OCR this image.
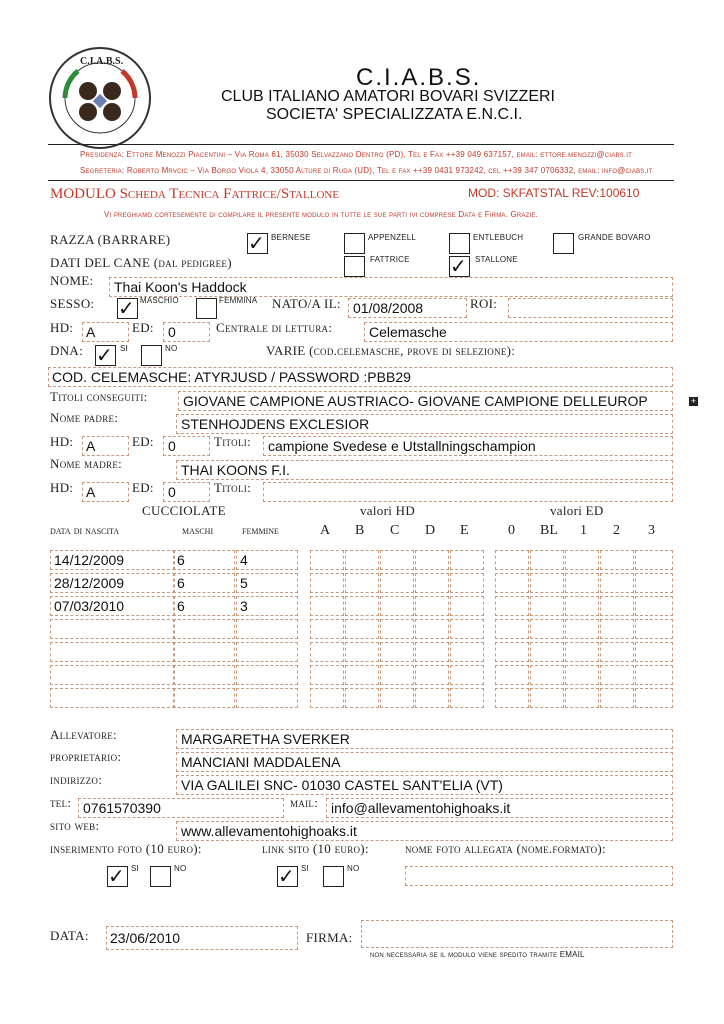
C.I.A.B.S.
C.I.A.B.S.
CLUB ITALIANO AMATORI BOVARI SVIZZERI
SOCIETA' SPECIALIZZATA E.N.C.I.
Presidenza: Ettore Menozzi Piacentini – Via Roma 61, 35030 Selvazzano Dentro (PD), Tel e Fax ++39 049 637157, email: ettore.menozzi@ciabs.it
Segreteria: Roberto Mrvcic – Via Borgo Viola 4, 33050 Alture di Ruda (UD), Tel e fax ++39 0431 973242, cel ++39 347 0706332, email: info@ciabs.it
MODULO Scheda Tecnica Fattrice/Stallone	MOD: SKFATSTAL REV:100610
Vi preghiamo cortesemente di compilare il presente modulo in tutte le sue parti ivi comprese Data e Firma. Grazie.
RAZZA (BARRARE)	✓ BERNESE	APPENZELL	ENTLEBUCH	GRANDE BOVARO
DATI DEL CANE (dal pedigree)	FATTRICE ✓ STALLONE
NOME: Thai Koon's Haddock
SESSO: ✓ MASCHIO	FEMMINA NATO/A IL: 01/08/2008	ROI:
HD: A	ED: 0	Centrale di lettura:	Celemasche
DNA: ✓ SI	NO	VARIE (cod.celemasche, prove di selezione):
COD. CELEMASCHE: ATYRJUSD / PASSWORD :PBB29
Titoli conseguiti:	GIOVANE CAMPIONE AUSTRIACO- GIOVANE CAMPIONE DELLEUROP	+
Nome padre:	STENHOJDENS EXCLESIOR
HD: A	ED: 0	Titoli: campione Svedese e Utstallningschampion
Nome madre:	THAI KOONS F.I.
HD: A	ED: 0	Titoli:
CUCCIOLATE	valori HD	valori ED
data di nascita	maschi femmine	A B C D E	0 BL 1 2 3
14/12/2009	6	4
28/12/2009	6	5
07/03/2010	6	3
Allevatore:	MARGARETHA SVERKER
proprietario:	MANCIANI MADDALENA
indirizzo:	VIA GALILEI SNC- 01030 CASTEL SANT'ELIA (VT)
tel: 0761570390	mail: info@allevamentohighoaks.it
sito web:	www.allevamentohighoaks.it
inserimento foto (10 euro):	link sito (10 euro):	nome foto allegata (nome.formato):
✓ SI	NO	✓ SI	NO
DATA: 23/06/2010	FIRMA:
non necessaria se il modulo viene spedito tramite EMAIL
